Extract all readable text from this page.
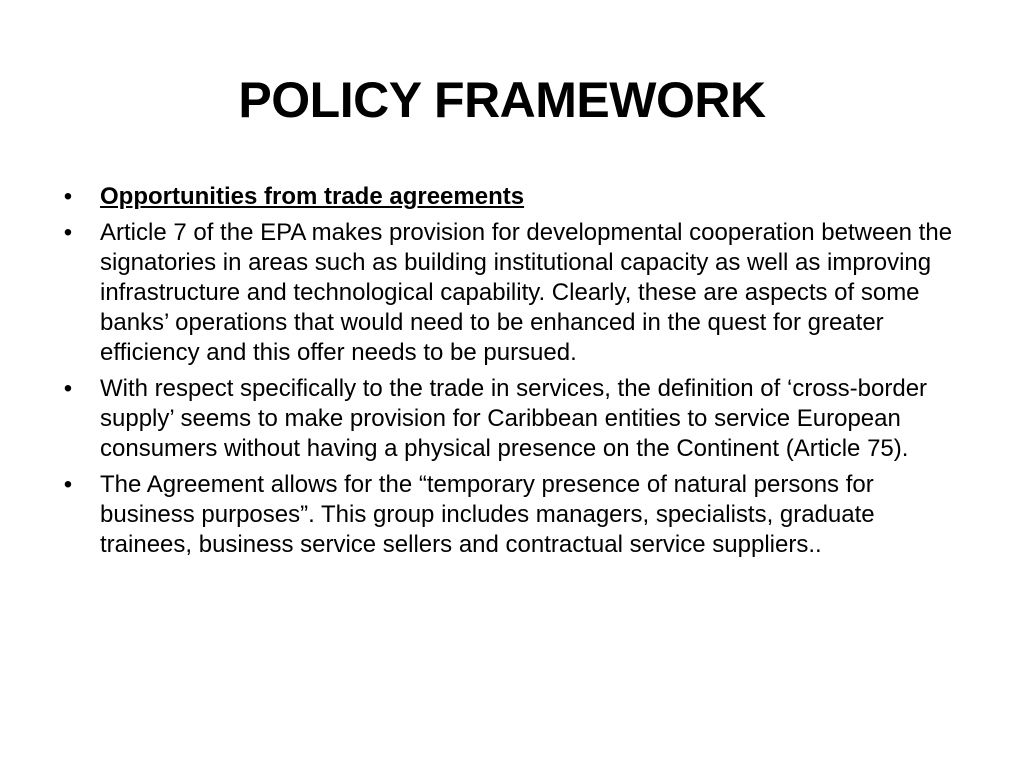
POLICY FRAMEWORK
• Opportunities from trade agreements
• Article 7 of the EPA makes provision for developmental cooperation between the signatories in areas such as building institutional capacity as well as improving infrastructure and technological capability. Clearly, these are aspects of some banks’ operations that would need to be enhanced in the quest for greater efficiency and this offer needs to be pursued.
• With respect specifically to the trade in services, the definition of ‘cross-border supply’ seems to make provision for Caribbean entities to service European consumers without having a physical presence on the Continent (Article 75).
• The Agreement allows for the “temporary presence of natural persons for business purposes”. This group includes managers, specialists, graduate trainees, business service sellers and contractual service suppliers..
